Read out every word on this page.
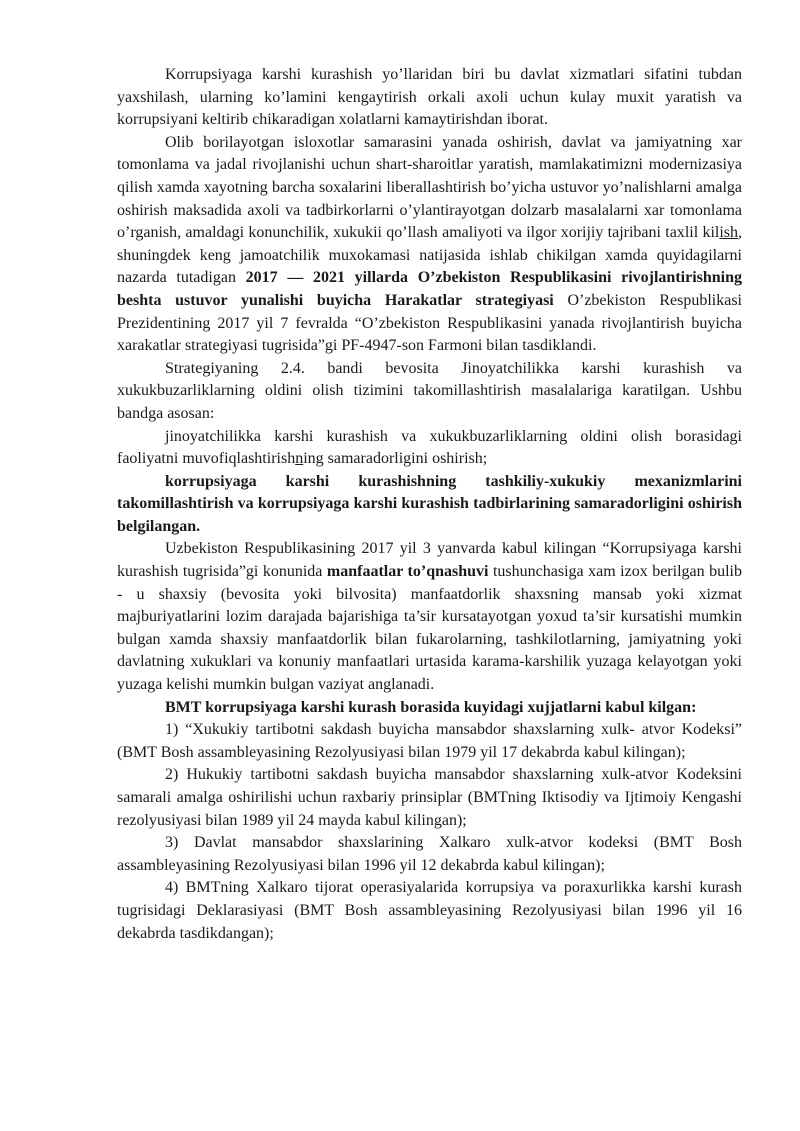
Korrupsiyaga karshi kurashish yo’llaridan biri bu davlat xizmatlari sifatini tubdan yaxshilash, ularning ko’lamini kengaytirish orkali axoli uchun kulay muxit yaratish va korrupsiyani keltirib chikaradigan xolatlarni kamaytirishdan iborat.

Olib borilayotgan isloxotlar samarasini yanada oshirish, davlat va jamiyatning xar tomonlama va jadal rivojlanishi uchun shart-sharoitlar yaratish, mamlakatimizni modernizasiya qilish xamda xayotning barcha soxalarini liberallashtirish bo’yicha ustuvor yo’nalishlarni amalga oshirish maksadida axoli va tadbirkorlarni o’ylantirayotgan dolzarb masalalarni xar tomonlama o’rganish, amaldagi konunchilik, xukukii qo’llash amaliyoti va ilgor xorijiy tajribani taxlil kilish, shuningdek keng jamoatchilik muxokamasi natijasida ishlab chikilgan xamda quyidagilarni nazarda tutadigan 2017 — 2021 yillarda O’zbekiston Respublikasini rivojlantirishning beshta ustuvor yunalishi buyicha Harakatlar strategiyasi O’zbekiston Respublikasi Prezidentining 2017 yil 7 fevralda “O’zbekiston Respublikasini yanada rivojlantirish buyicha xarakatlar strategiyasi tugrisida”gi PF-4947-son Farmoni bilan tasdiklandi.

Strategiyaning 2.4. bandi bevosita Jinoyatchilikka karshi kurashish va xukukbuzarliklarning oldini olish tizimini takomillashtirish masalalariga karatilgan. Ushbu bandga asosan:

jinoyatchilikka karshi kurashish va xukukbuzarliklarning oldini olish borasidagi faoliyatni muvofiqlashtirishning samaradorligini oshirish;

korrupsiyaga karshi kurashishning tashkiliy-xukukiy mexanizmlarini takomillashtirish va korrupsiyaga karshi kurashish tadbirlarining samaradorligini oshirish belgilangan.

Uzbekiston Respublikasining 2017 yil 3 yanvarda kabul kilingan “Korrupsiyaga karshi kurashish tugrisida”gi konunida manfaatlar to’qnashuvi tushunchasiga xam izox berilgan bulib - u shaxsiy (bevosita yoki bilvosita) manfaatdorlik shaxsning mansab yoki xizmat majburiyatlarini lozim darajada bajarishiga ta’sir kursatayotgan yoxud ta’sir kursatishi mumkin bulgan xamda shaxsiy manfaatdorlik bilan fukarolarning, tashkilotlarning, jamiyatning yoki davlatning xukuklari va konuniy manfaatlari urtasida karama-karshilik yuzaga kelayotgan yoki yuzaga kelishi mumkin bulgan vaziyat anglanadi.

BMT korrupsiyaga karshi kurash borasida kuyidagi xujjatlarni kabul kilgan:

1) “Xukukiy tartibotni sakdash buyicha mansabdor shaxslarning xulk- atvor Kodeksi” (BMT Bosh assambleyasining Rezolyusiyasi bilan 1979 yil 17 dekabrda kabul kilingan);

2) Hukukiy tartibotni sakdash buyicha mansabdor shaxslarning xulk-atvor Kodeksini samarali amalga oshirilishi uchun raxbariy prinsiplar (BMTning Iktisodiy va Ijtimoiy Kengashi rezolyusiyasi bilan 1989 yil 24 mayda kabul kilingan);

3) Davlat mansabdor shaxslarining Xalkaro xulk-atvor kodeksi (BMT Bosh assambleyasining Rezolyusiyasi bilan 1996 yil 12 dekabrda kabul kilingan);

4) BMTning Xalkaro tijorat operasiyalarida korrupsiya va poraxurlikka karshi kurash tugrisidagi Deklarasiyasi (BMT Bosh assambleyasining Rezolyusiyasi bilan 1996 yil 16 dekabrda tasdikdangan);
